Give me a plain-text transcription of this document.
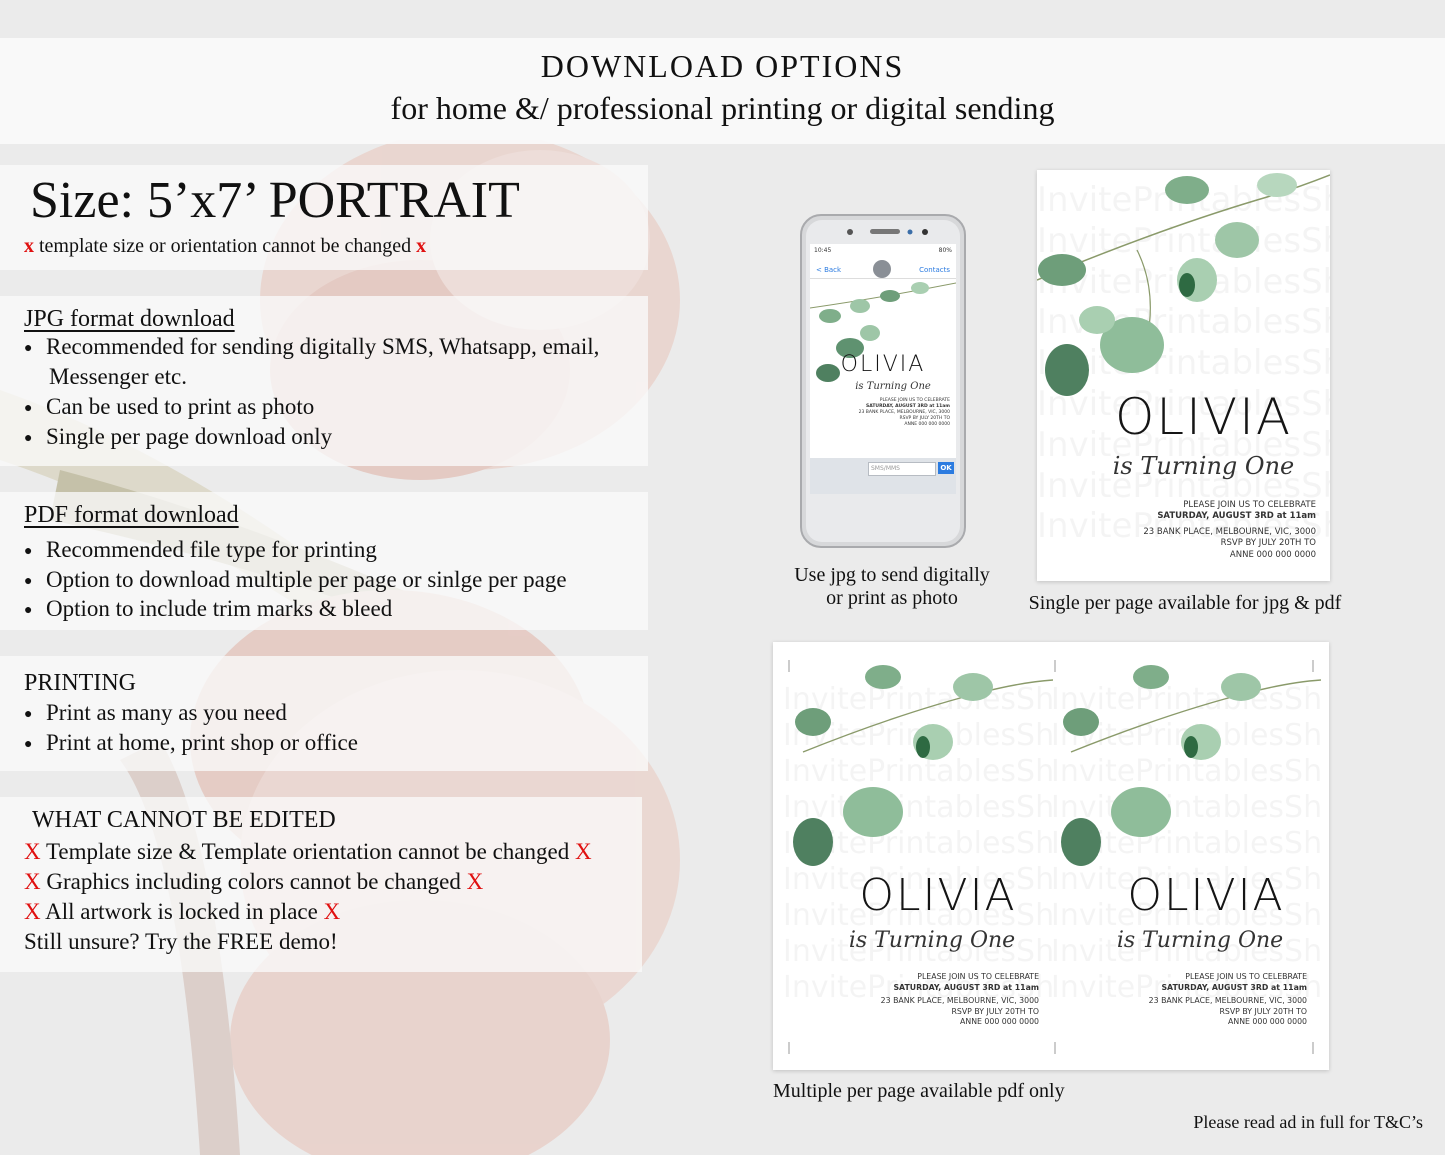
DOWNLOAD OPTIONS
for home &/ professional printing or digital sending
Size: 5’x7’ PORTRAIT
x template size or orientation cannot be changed x
JPG format download
● Recommended for sending digitally SMS, Whatsapp, email,
Messenger etc.
● Can be used to print as photo
● Single per page download only
PDF format download
● Recommended file type for printing
● Option to download multiple per page or sinlge per page
● Option to include trim marks & bleed
PRINTING
● Print as many as you need
● Print at home, print shop or office
WHAT CANNOT BE EDITED
X Template size & Template orientation cannot be changed X
X Graphics including colors cannot be changed X
X All artwork is locked in place X
Still unsure? Try the FREE demo!
10:45	80%
< Back	Contacts
OLIVIA
is Turning One
PLEASE JOIN US TO CELEBRATE
SATURDAY, AUGUST 3RD at 11am
23 BANK PLACE, MELBOURNE, VIC, 3000
RSVP BY JULY 20TH TO
ANNE 000 000 0000
SMS/MMS	OK
Use jpg to send digitally
or print as photo
OLIVIA
is Turning One
PLEASE JOIN US TO CELEBRATE
SATURDAY, AUGUST 3RD at 11am
23 BANK PLACE, MELBOURNE, VIC, 3000
RSVP BY JULY 20TH TO
ANNE 000 000 0000
Single per page available for jpg & pdf
OLIVIA
is Turning One
PLEASE JOIN US TO CELEBRATE
SATURDAY, AUGUST 3RD at 11am
23 BANK PLACE, MELBOURNE, VIC, 3000
RSVP BY JULY 20TH TO
ANNE 000 000 0000
OLIVIA
is Turning One
PLEASE JOIN US TO CELEBRATE
SATURDAY, AUGUST 3RD at 11am
23 BANK PLACE, MELBOURNE, VIC, 3000
RSVP BY JULY 20TH TO
ANNE 000 000 0000
Multiple per page available pdf only
Please read ad in full for T&C’s
